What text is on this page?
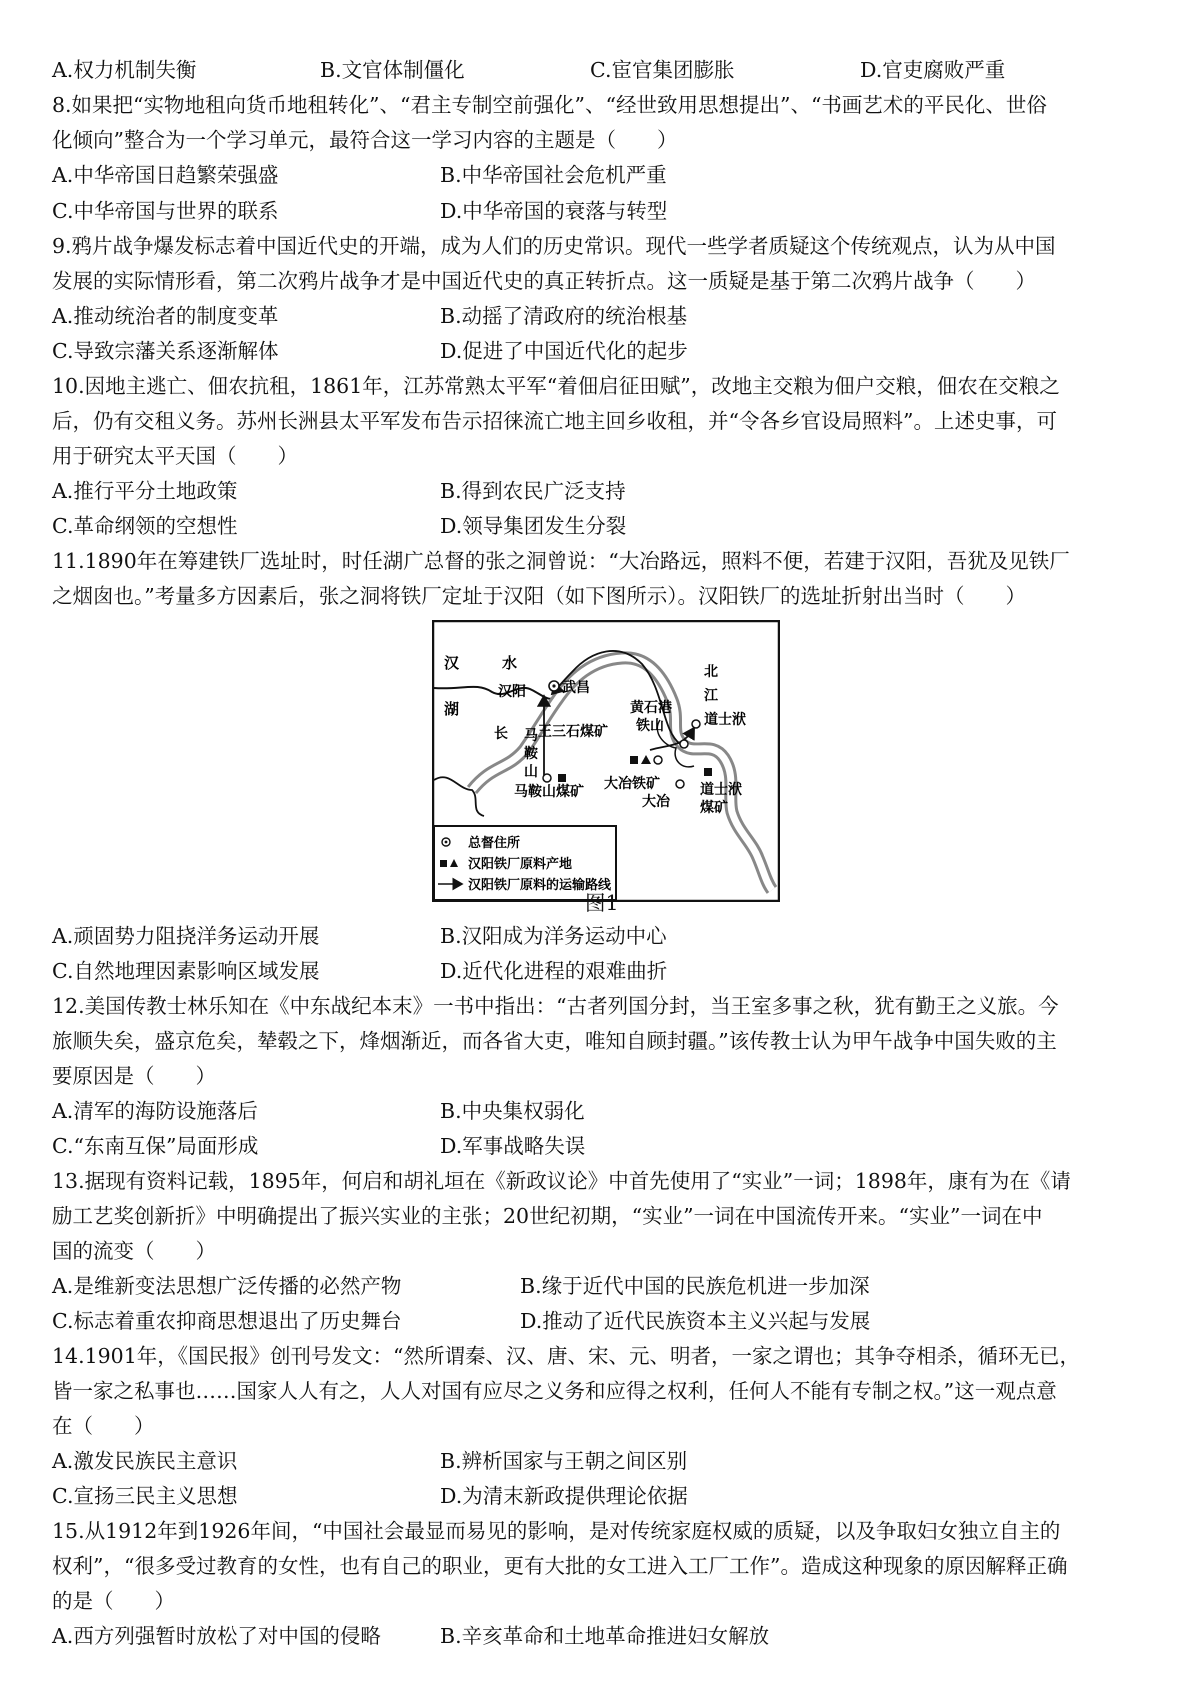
A.权力机制失衡	B.文官体制僵化	C.宦官集团膨胀	D.官吏腐败严重
8.如果把“实物地租向货币地租转化”、“君主专制空前强化”、“经世致用思想提出”、“书画艺术的平民化、世俗
化倾向”整合为一个学习单元，最符合这一学习内容的主题是（　　）
A.中华帝国日趋繁荣强盛	B.中华帝国社会危机严重
C.中华帝国与世界的联系	D.中华帝国的衰落与转型
9.鸦片战争爆发标志着中国近代史的开端，成为人们的历史常识。现代一些学者质疑这个传统观点，认为从中国
发展的实际情形看，第二次鸦片战争才是中国近代史的真正转折点。这一质疑是基于第二次鸦片战争（　　）
A.推动统治者的制度变革	B.动摇了清政府的统治根基
C.导致宗藩关系逐渐解体	D.促进了中国近代化的起步
10.因地主逃亡、佃农抗租，1861年，江苏常熟太平军“着佃启征田赋”，改地主交粮为佃户交粮，佃农在交粮之
后，仍有交租义务。苏州长洲县太平军发布告示招徕流亡地主回乡收租，并“令各乡官设局照料”。上述史事，可
用于研究太平天国（　　）
A.推行平分土地政策	B.得到农民广泛支持
C.革命纲领的空想性	D.领导集团发生分裂
11.1890年在筹建铁厂选址时，时任湖广总督的张之洞曾说：“大冶路远，照料不便，若建于汉阳，吾犹及见铁厂
之烟囱也。”考量多方因素后，张之洞将铁厂定址于汉阳（如下图所示）。汉阳铁厂的选址折射出当时（　　）
汉	水
湖
汉阳	武昌
长 马
鞍
山
北
江
黄石港
铁山
王三石煤矿
道士洑
马鞍山煤矿 大冶铁矿
大冶
道士洑
煤矿
总督住所
汉阳铁厂原料产地
汉阳铁厂原料的运输路线
图1
A.顽固势力阻挠洋务运动开展	B.汉阳成为洋务运动中心
C.自然地理因素影响区域发展	D.近代化进程的艰难曲折
12.美国传教士林乐知在《中东战纪本末》一书中指出：“古者列国分封，当王室多事之秋，犹有勤王之义旅。今
旅顺失矣，盛京危矣，辇毂之下，烽烟渐近，而各省大吏，唯知自顾封疆。”该传教士认为甲午战争中国失败的主
要原因是（　　）
A.清军的海防设施落后	B.中央集权弱化
C.“东南互保”局面形成	D.军事战略失误
13.据现有资料记载，1895年，何启和胡礼垣在《新政议论》中首先使用了“实业”一词；1898年，康有为在《请
励工艺奖创新折》中明确提出了振兴实业的主张；20世纪初期，“实业”一词在中国流传开来。“实业”一词在中
国的流变（　　）
A.是维新变法思想广泛传播的必然产物	B.缘于近代中国的民族危机进一步加深
C.标志着重农抑商思想退出了历史舞台	D.推动了近代民族资本主义兴起与发展
14.1901年，《国民报》创刊号发文：“然所谓秦、汉、唐、宋、元、明者，一家之谓也；其争夺相杀，循环无已，
皆一家之私事也……国家人人有之，人人对国有应尽之义务和应得之权利，任何人不能有专制之权。”这一观点意
在（　　）
A.激发民族民主意识	B.辨析国家与王朝之间区别
C.宣扬三民主义思想	D.为清末新政提供理论依据
15.从1912年到1926年间，“中国社会最显而易见的影响，是对传统家庭权威的质疑，以及争取妇女独立自主的
权利”，“很多受过教育的女性，也有自己的职业，更有大批的女工进入工厂工作”。造成这种现象的原因解释正确
的是（　　）
A.西方列强暂时放松了对中国的侵略	B.辛亥革命和土地革命推进妇女解放
